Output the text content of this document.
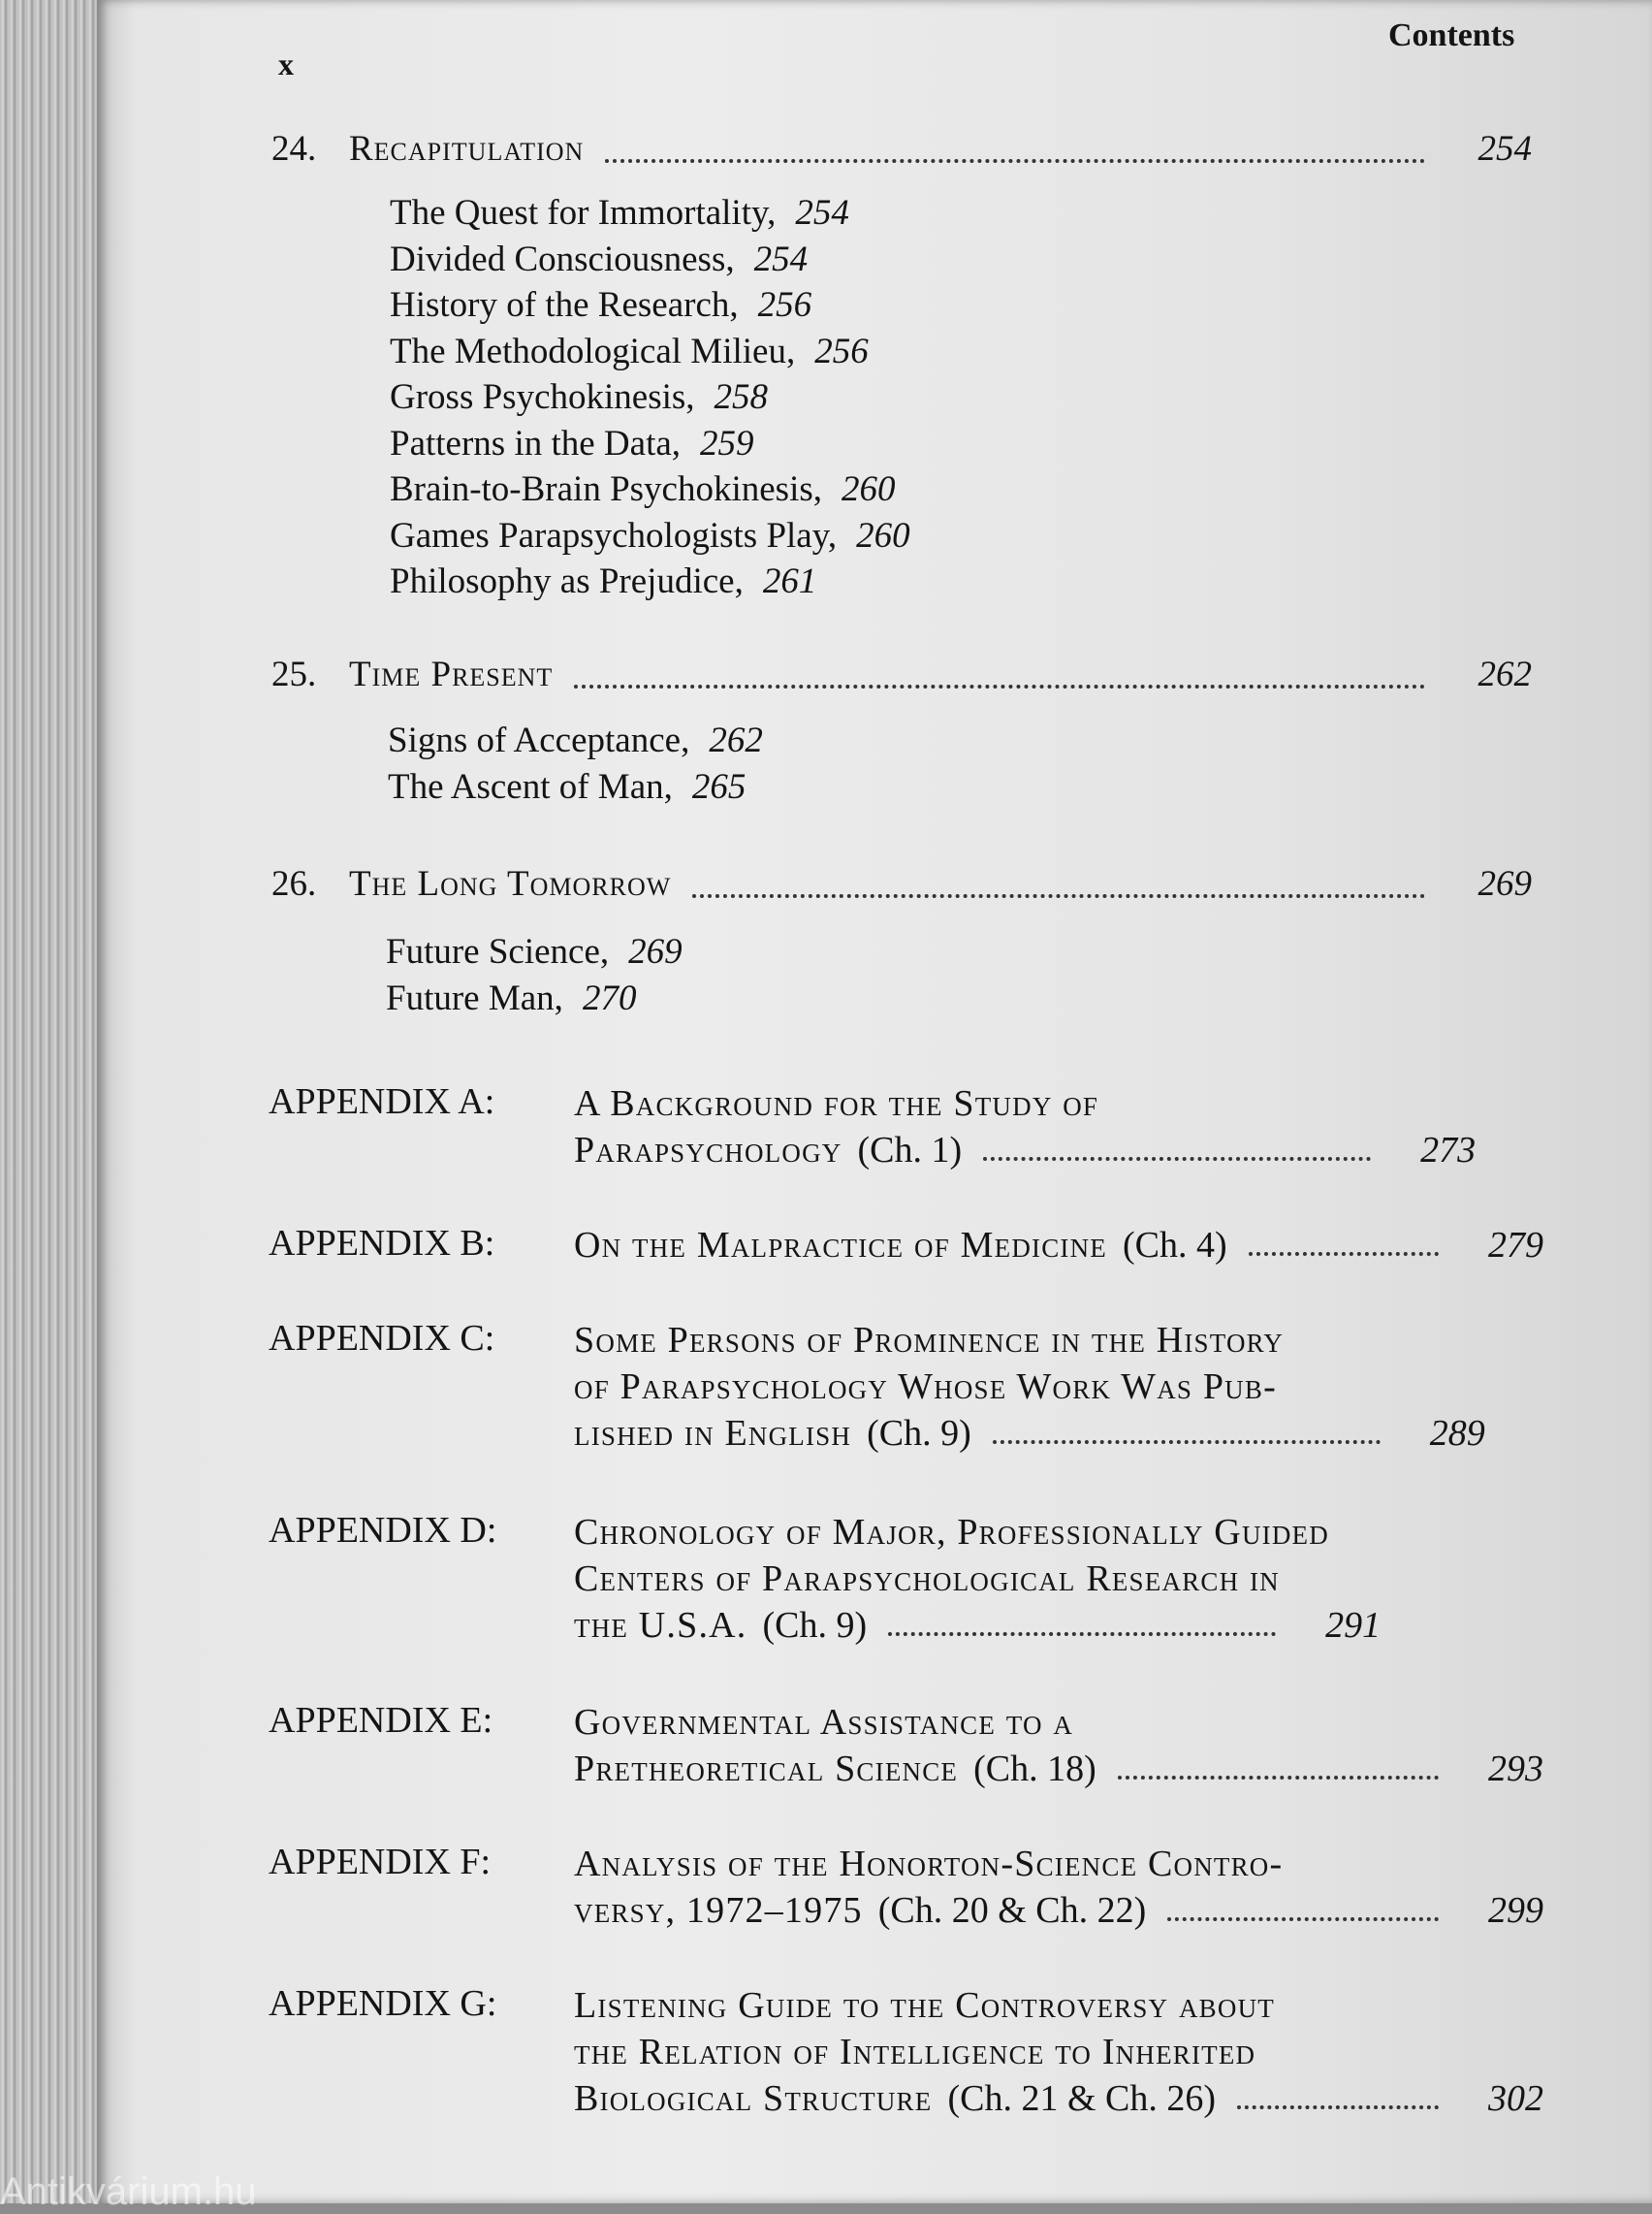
x
Contents
24. Recapitulation	254
The Quest for Immortality, 254
Divided Consciousness, 254
History of the Research, 256
The Methodological Milieu, 256
Gross Psychokinesis, 258
Patterns in the Data, 259
Brain-to-Brain Psychokinesis, 260
Games Parapsychologists Play, 260
Philosophy as Prejudice, 261
25. Time Present	262
Signs of Acceptance, 262
The Ascent of Man, 265
26. The Long Tomorrow	269
Future Science, 269
Future Man, 270
APPENDIX A: A Background for the Study of
Parapsychology (Ch. 1)	273
APPENDIX B: On the Malpractice of Medicine (Ch. 4)	279
APPENDIX C: Some Persons of Prominence in the History
of Parapsychology Whose Work Was Pub-
lished in English (Ch. 9)	289
APPENDIX D: Chronology of Major, Professionally Guided
Centers of Parapsychological Research in
the U.S.A. (Ch. 9)	291
APPENDIX E: Governmental Assistance to a
Pretheoretical Science (Ch. 18)	293
APPENDIX F: Analysis of the Honorton-Science Contro-
versy, 1972–1975 (Ch. 20 & Ch. 22)	299
APPENDIX G: Listening Guide to the Controversy about
the Relation of Intelligence to Inherited
Biological Structure (Ch. 21 & Ch. 26)	302
Antikvárium.hu
